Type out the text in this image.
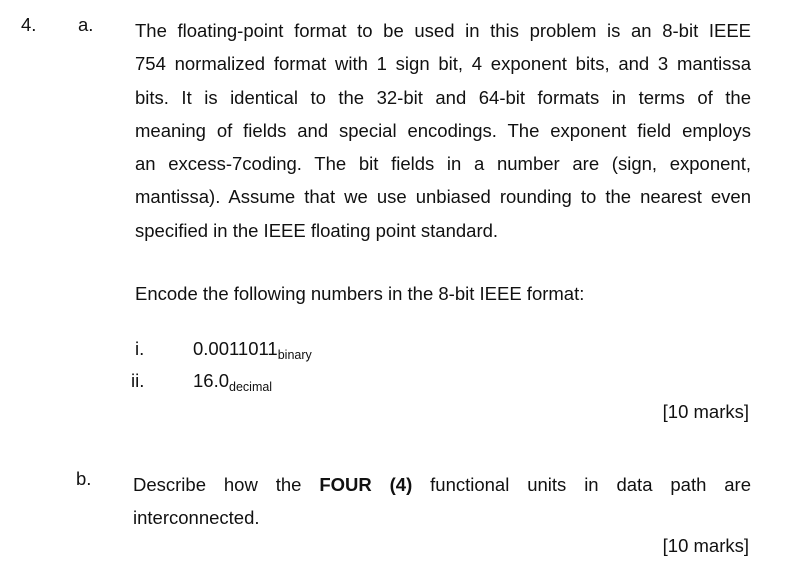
4. a. The floating-point format to be used in this problem is an 8-bit IEEE
754 normalized format with 1 sign bit, 4 exponent bits, and 3 mantissa
bits. It is identical to the 32-bit and 64-bit formats in terms of the
meaning of fields and special encodings. The exponent field employs
an excess-7coding. The bit fields in a number are (sign, exponent,
mantissa). Assume that we use unbiased rounding to the nearest even
specified in the IEEE floating point standard.
Encode the following numbers in the 8-bit IEEE format:
i.	$0.0011011_{binary}$
ii.	$16.0_{decimal}$
[10 marks]
b. Describe how the FOUR (4) functional units in data path are
interconnected.
[10 marks]
